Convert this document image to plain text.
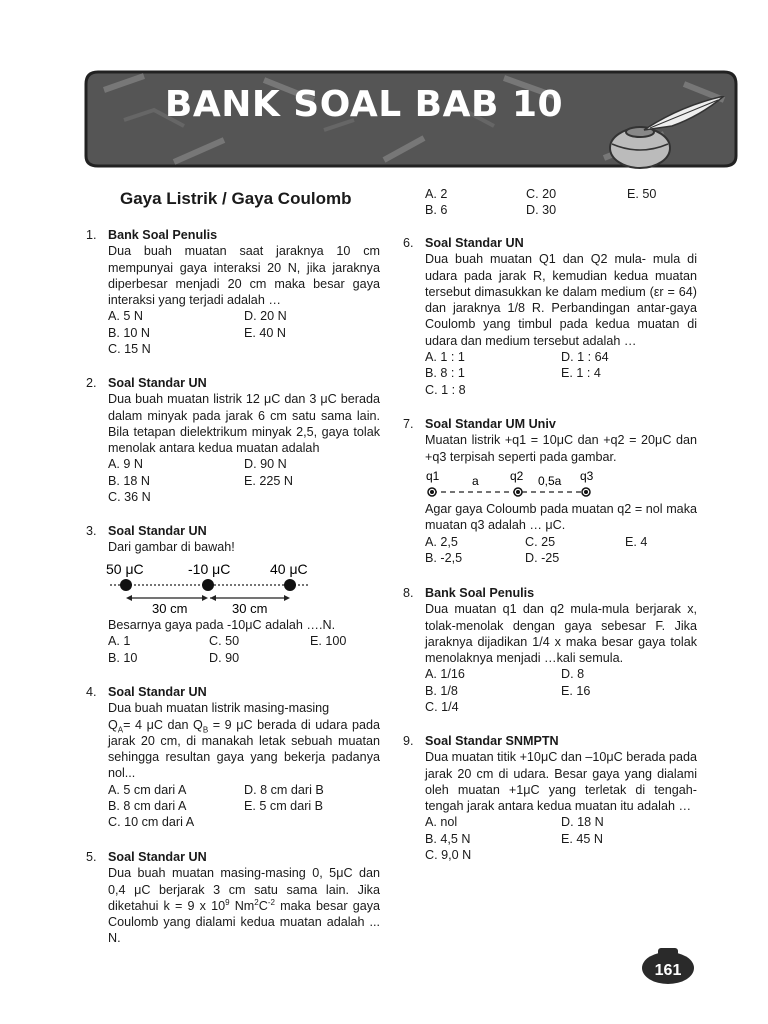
BANK SOAL BAB 10
Gaya Listrik / Gaya Coulomb
1. Bank Soal Penulis
Dua buah muatan saat jaraknya 10 cm mempunyai gaya interaksi 20 N, jika jaraknya diperbesar menjadi 20 cm maka besar gaya interaksi yang terjadi adalah …
A. 5 N	D. 20 N
B. 10 N	E. 40 N
C. 15 N
2. Soal Standar UN
Dua buah muatan listrik 12 μC dan 3 μC berada dalam minyak pada jarak 6 cm satu sama lain. Bila tetapan dielektrikum minyak 2,5, gaya tolak menolak antara kedua muatan adalah
A. 9 N	D. 90 N
B. 18 N	E. 225 N
C. 36 N
3. Soal Standar UN
Dari gambar di bawah!
50 μC	-10 μC	40 μC
30 cm	30 cm
Besarnya gaya pada -10μC adalah ….N.
A. 1	C. 50	E. 100
B. 10	D. 90
4. Soal Standar UN
Dua buah muatan listrik masing-masing
$Q_A= 4$ μC dan $Q_B = 9$ μC berada di udara pada jarak 20 cm, di manakah letak sebuah muatan sehingga resultan gaya yang bekerja padanya nol...
A. 5 cm dari A	D. 8 cm dari B
B. 8 cm dari A	E. 5 cm dari B
C. 10 cm dari A
5. Soal Standar UN
Dua buah muatan masing-masing 0, 5μC dan 0,4 μC berjarak 3 cm satu sama lain. Jika diketahui k = 9 x $10^9$ $Nm^2C^{-2}$ maka besar gaya Coulomb yang dialami kedua muatan adalah ... N.
A. 2	C. 20	E. 50
B. 6	D. 30
6. Soal Standar UN
Dua buah muatan Q1 dan Q2 mula- mula di udara pada jarak R, kemudian kedua muatan tersebut dimasukkan ke dalam medium (εr = 64) dan jaraknya 1/8 R. Perbandingan antar-gaya Coulomb yang timbul pada kedua muatan di udara dan medium tersebut adalah …
A. 1 : 1	D. 1 : 64
B. 8 : 1	E. 1 : 4
C. 1 : 8
7. Soal Standar UM Univ
Muatan listrik +q1 = 10μC dan +q2 = 20μC dan +q3 terpisah seperti pada gambar.
q1	q2	q3
a	0,5a
Agar gaya Coloumb pada muatan q2 = nol maka muatan q3 adalah … μC.
A. 2,5	C. 25	E. 4
B. -2,5	D. -25
8. Bank Soal Penulis
Dua muatan q1 dan q2 mula-mula berjarak x, tolak-menolak dengan gaya sebesar F. Jika jaraknya dijadikan 1/4 x maka besar gaya tolak menolaknya menjadi …kali semula.
A. 1/16	D. 8
B. 1/8	E. 16
C. 1/4
9. Soal Standar SNMPTN
Dua muatan titik +10μC dan –10μC berada pada jarak 20 cm di udara. Besar gaya yang dialami oleh muatan +1μC yang terletak di tengah-tengah jarak antara kedua muatan itu adalah …
A. nol	D. 18 N
B. 4,5 N	E. 45 N
C. 9,0 N
161
